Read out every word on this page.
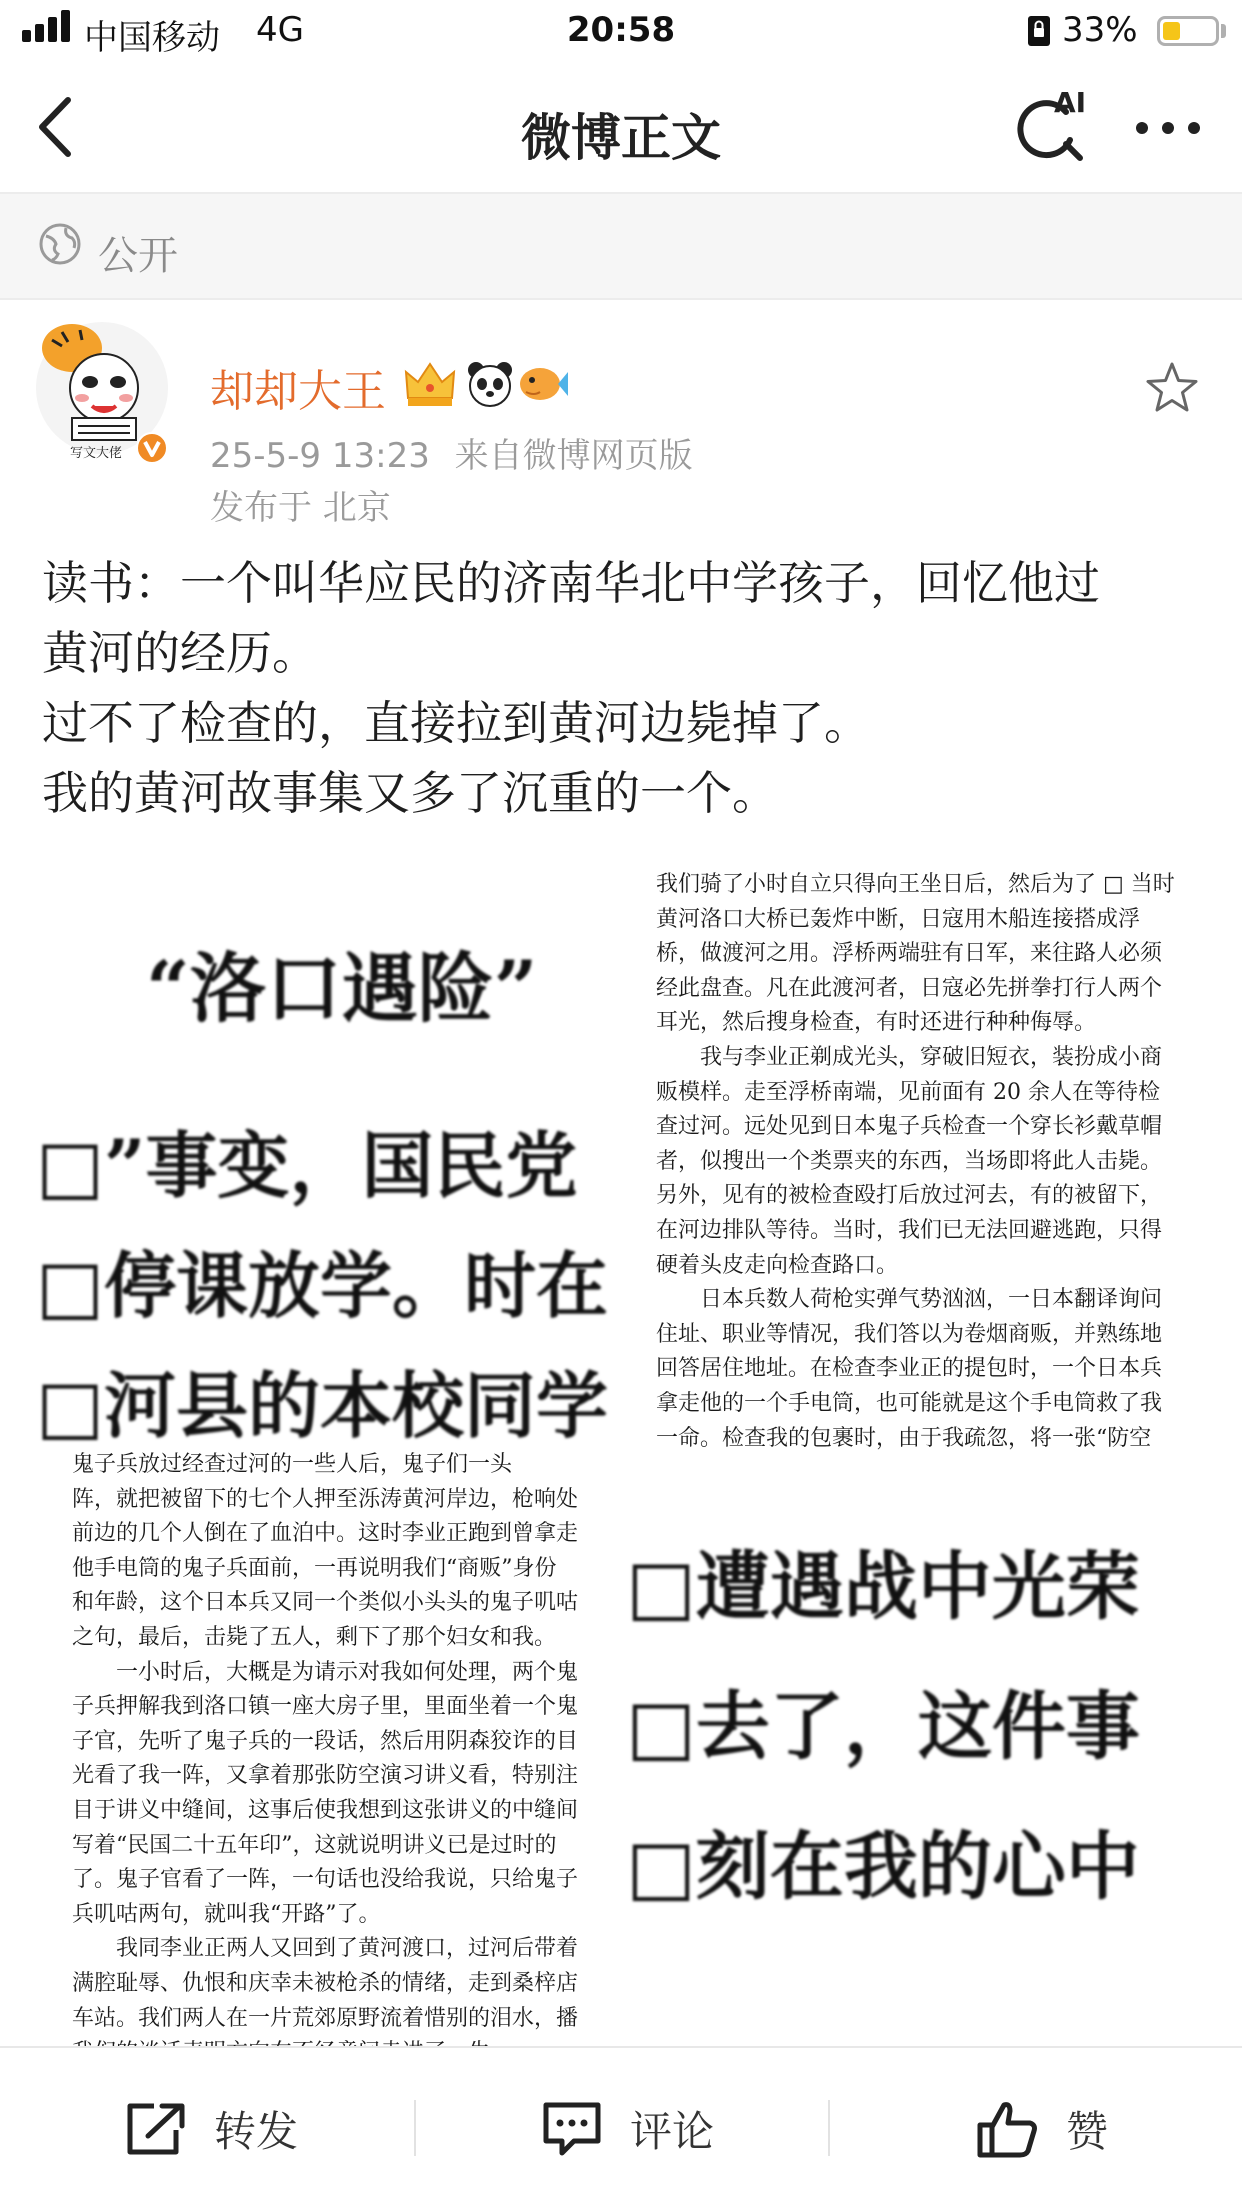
中国移动 4G	20:58	33%
微博正文
AI
公开
写文大佬
却却大王
25-5-9 13:23 来自微博网页版
发布于 北京
读书：一个叫华应民的济南华北中学孩子，回忆他过
黄河的经历。
过不了检查的，直接拉到黄河边毙掉了。
我的黄河故事集又多了沉重的一个。
“洛口遇险”
□”事变，国民党
□停课放学。时在
□河县的本校同学
我们骑了小时自立只得向王坐日后，然后为了 □ 当时
黄河洛口大桥已轰炸中断，日寇用木船连接搭成浮
桥，做渡河之用。浮桥两端驻有日军，来往路人必须
经此盘查。凡在此渡河者，日寇必先拼拳打行人两个
耳光，然后搜身检查，有时还进行种种侮辱。
　　我与李业正剃成光头，穿破旧短衣，装扮成小商
贩模样。走至浮桥南端，见前面有 20 余人在等待检
查过河。远处见到日本鬼子兵检查一个穿长衫戴草帽
者，似搜出一个类票夹的东西，当场即将此人击毙。
另外，见有的被检查殴打后放过河去，有的被留下，
在河边排队等待。当时，我们已无法回避逃跑，只得
硬着头皮走向检查路口。
　　日本兵数人荷枪实弹气势汹汹，一日本翻译询问
住址、职业等情况，我们答以为卷烟商贩，并熟练地
回答居住地址。在检查李业正的提包时，一个日本兵
拿走他的一个手电筒，也可能就是这个手电筒救了我
一命。检查我的包裹时，由于我疏忽，将一张“防空
鬼子兵放过经查过河的一些人后，鬼子们一头
阵，就把被留下的七个人押至泺涛黄河岸边，枪响处
前边的几个人倒在了血泊中。这时李业正跑到曾拿走
他手电筒的鬼子兵面前，一再说明我们“商贩”身份
和年龄，这个日本兵又同一个类似小头头的鬼子叽咕
之句，最后，击毙了五人，剩下了那个妇女和我。
　　一小时后，大概是为请示对我如何处理，两个鬼
子兵押解我到洛口镇一座大房子里，里面坐着一个鬼
子官，先听了鬼子兵的一段话，然后用阴森狡诈的目
光看了我一阵，又拿着那张防空演习讲义看，特别注
目于讲义中缝间，这事后使我想到这张讲义的中缝间
写着“民国二十五年印”，这就说明讲义已是过时的
了。鬼子官看了一阵，一句话也没给我说，只给鬼子
兵叽咕两句，就叫我“开路”了。
　　我同李业正两人又回到了黄河渡口，过河后带着
满腔耻辱、仇恨和庆幸未被枪杀的情绪，走到桑梓店
车站。我们两人在一片荒郊原野流着惜别的泪水，播
□遭遇战中光荣
□去了，这件事
□刻在我的心中
转发	评论	赞
